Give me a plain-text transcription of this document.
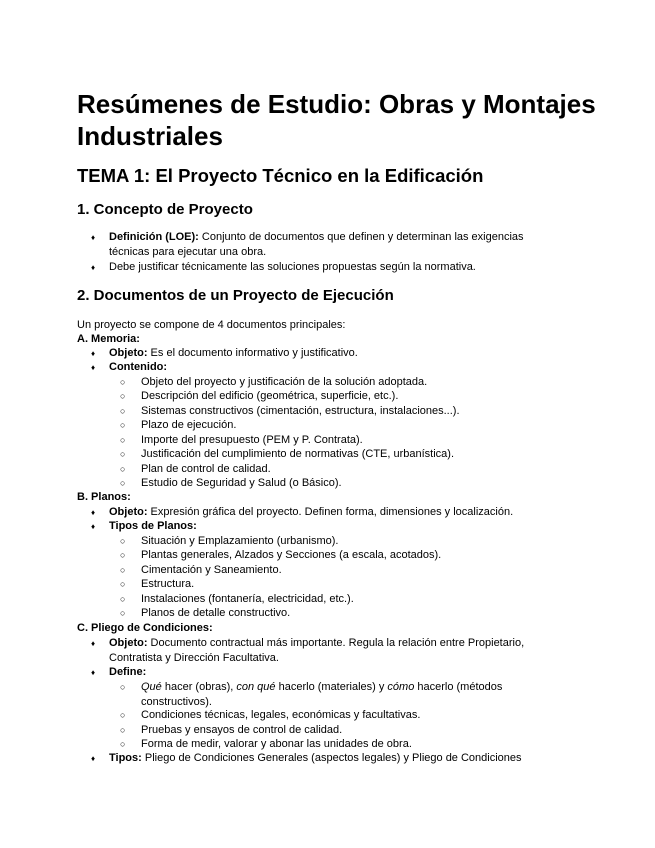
Resúmenes de Estudio: Obras y Montajes Industriales
TEMA 1: El Proyecto Técnico en la Edificación
1. Concepto de Proyecto
♦ Definición (LOE): Conjunto de documentos que definen y determinan las exigencias técnicas para ejecutar una obra.
♦ Debe justificar técnicamente las soluciones propuestas según la normativa.
2. Documentos de un Proyecto de Ejecución
Un proyecto se compone de 4 documentos principales:
A. Memoria:
♦ Objeto: Es el documento informativo y justificativo.
♦ Contenido:
○ Objeto del proyecto y justificación de la solución adoptada.
○ Descripción del edificio (geométrica, superficie, etc.).
○ Sistemas constructivos (cimentación, estructura, instalaciones...).
○ Plazo de ejecución.
○ Importe del presupuesto (PEM y P. Contrata).
○ Justificación del cumplimiento de normativas (CTE, urbanística).
○ Plan de control de calidad.
○ Estudio de Seguridad y Salud (o Básico).
B. Planos:
♦ Objeto: Expresión gráfica del proyecto. Definen forma, dimensiones y localización.
♦ Tipos de Planos:
○ Situación y Emplazamiento (urbanismo).
○ Plantas generales, Alzados y Secciones (a escala, acotados).
○ Cimentación y Saneamiento.
○ Estructura.
○ Instalaciones (fontanería, electricidad, etc.).
○ Planos de detalle constructivo.
C. Pliego de Condiciones:
♦ Objeto: Documento contractual más importante. Regula la relación entre Propietario, Contratista y Dirección Facultativa.
♦ Define:
○ Qué hacer (obras), con qué hacerlo (materiales) y cómo hacerlo (métodos constructivos).
○ Condiciones técnicas, legales, económicas y facultativas.
○ Pruebas y ensayos de control de calidad.
○ Forma de medir, valorar y abonar las unidades de obra.
♦ Tipos: Pliego de Condiciones Generales (aspectos legales) y Pliego de Condiciones
